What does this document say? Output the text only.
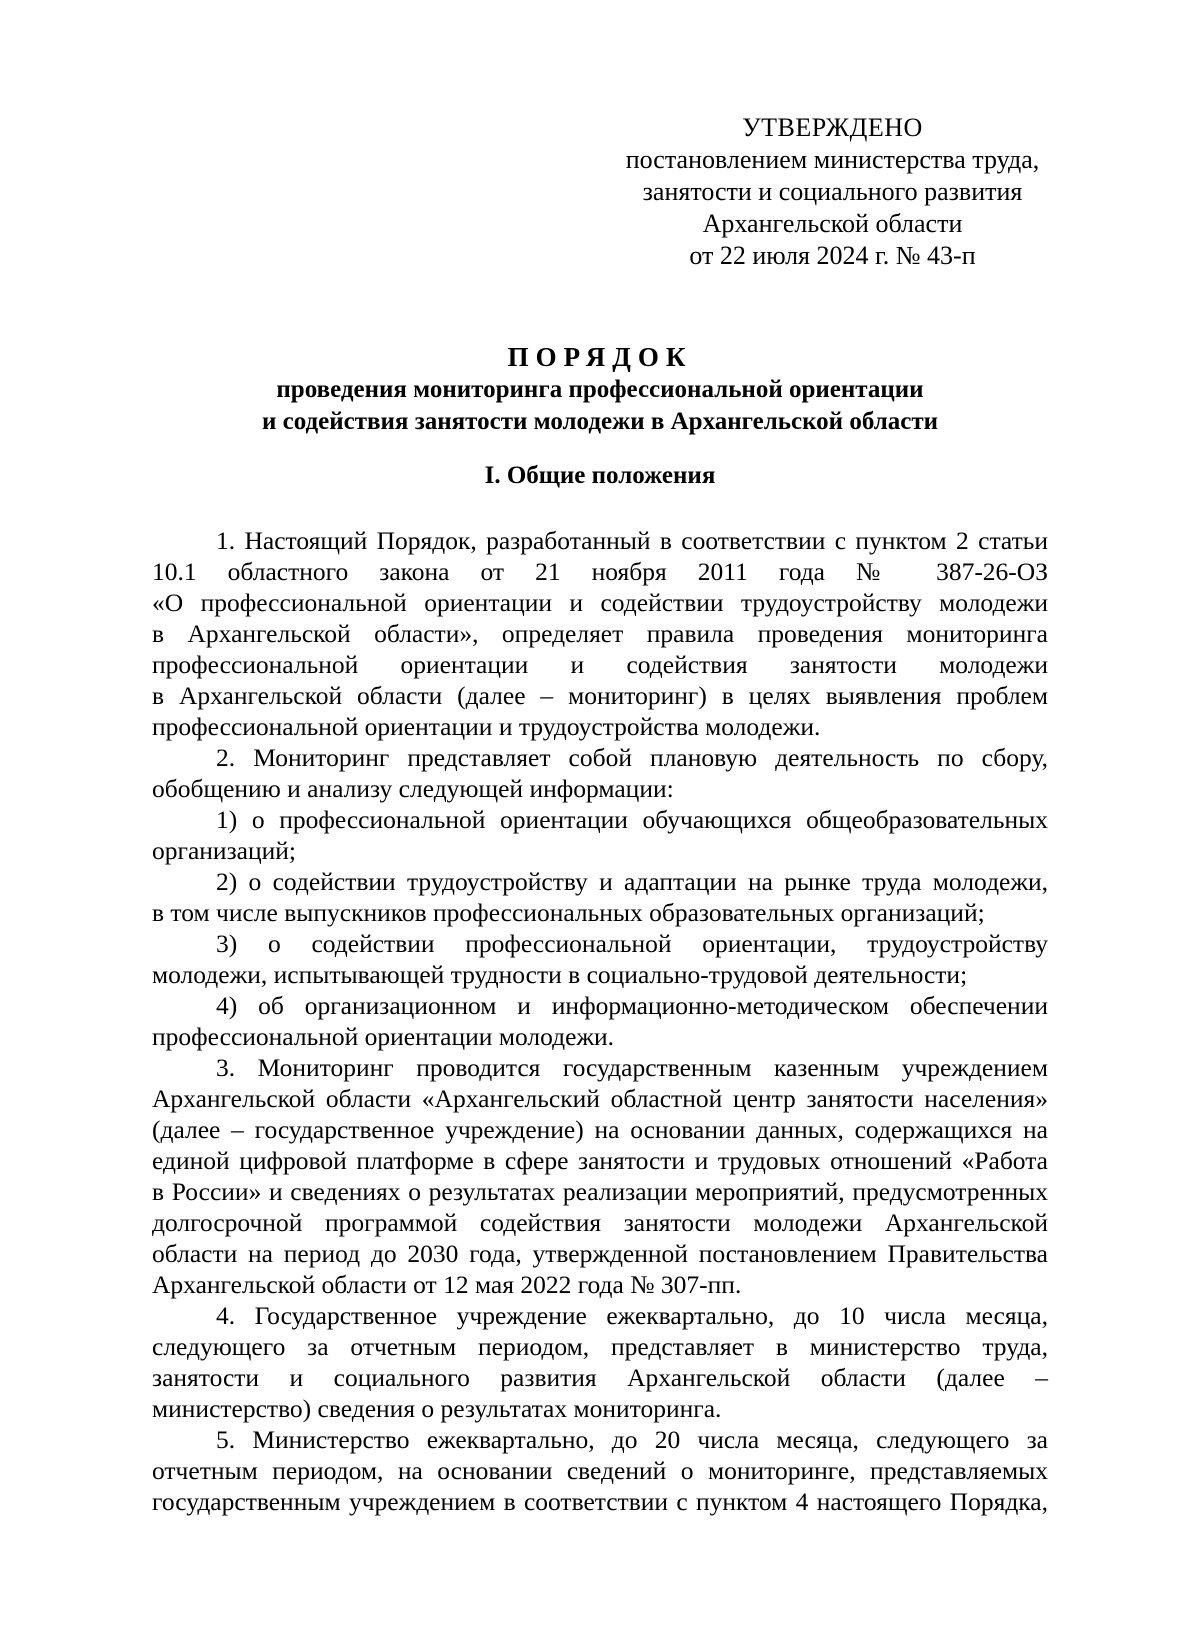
УТВЕРЖДЕНО
постановлением министерства труда,
занятости и социального развития
Архангельской области
от 22 июля 2024 г. № 43-п
ПОРЯДОК
проведения мониторинга профессиональной ориентации
и содействия занятости молодежи в Архангельской области
I. Общие положения
1. Настоящий Порядок, разработанный в соответствии с пунктом 2 статьи
10.1 областного закона от 21 ноября 2011 года № 387-26-ОЗ
«О профессиональной ориентации и содействии трудоустройству молодежи
в Архангельской области», определяет правила проведения мониторинга
профессиональной ориентации и содействия занятости молодежи
в Архангельской области (далее – мониторинг) в целях выявления проблем
профессиональной ориентации и трудоустройства молодежи.
2. Мониторинг представляет собой плановую деятельность по сбору,
обобщению и анализу следующей информации:
1) о профессиональной ориентации обучающихся общеобразовательных
организаций;
2) о содействии трудоустройству и адаптации на рынке труда молодежи,
в том числе выпускников профессиональных образовательных организаций;
3) о содействии профессиональной ориентации, трудоустройству
молодежи, испытывающей трудности в социально-трудовой деятельности;
4) об организационном и информационно-методическом обеспечении
профессиональной ориентации молодежи.
3. Мониторинг проводится государственным казенным учреждением
Архангельской области «Архангельский областной центр занятости населения»
(далее – государственное учреждение) на основании данных, содержащихся на
единой цифровой платформе в сфере занятости и трудовых отношений «Работа
в России» и сведениях о результатах реализации мероприятий, предусмотренных
долгосрочной программой содействия занятости молодежи Архангельской
области на период до 2030 года, утвержденной постановлением Правительства
Архангельской области от 12 мая 2022 года № 307-пп.
4. Государственное учреждение ежеквартально, до 10 числа месяца,
следующего за отчетным периодом, представляет в министерство труда,
занятости и социального развития Архангельской области (далее –
министерство) сведения о результатах мониторинга.
5. Министерство ежеквартально, до 20 числа месяца, следующего за
отчетным периодом, на основании сведений о мониторинге, представляемых
государственным учреждением в соответствии с пунктом 4 настоящего Порядка,
